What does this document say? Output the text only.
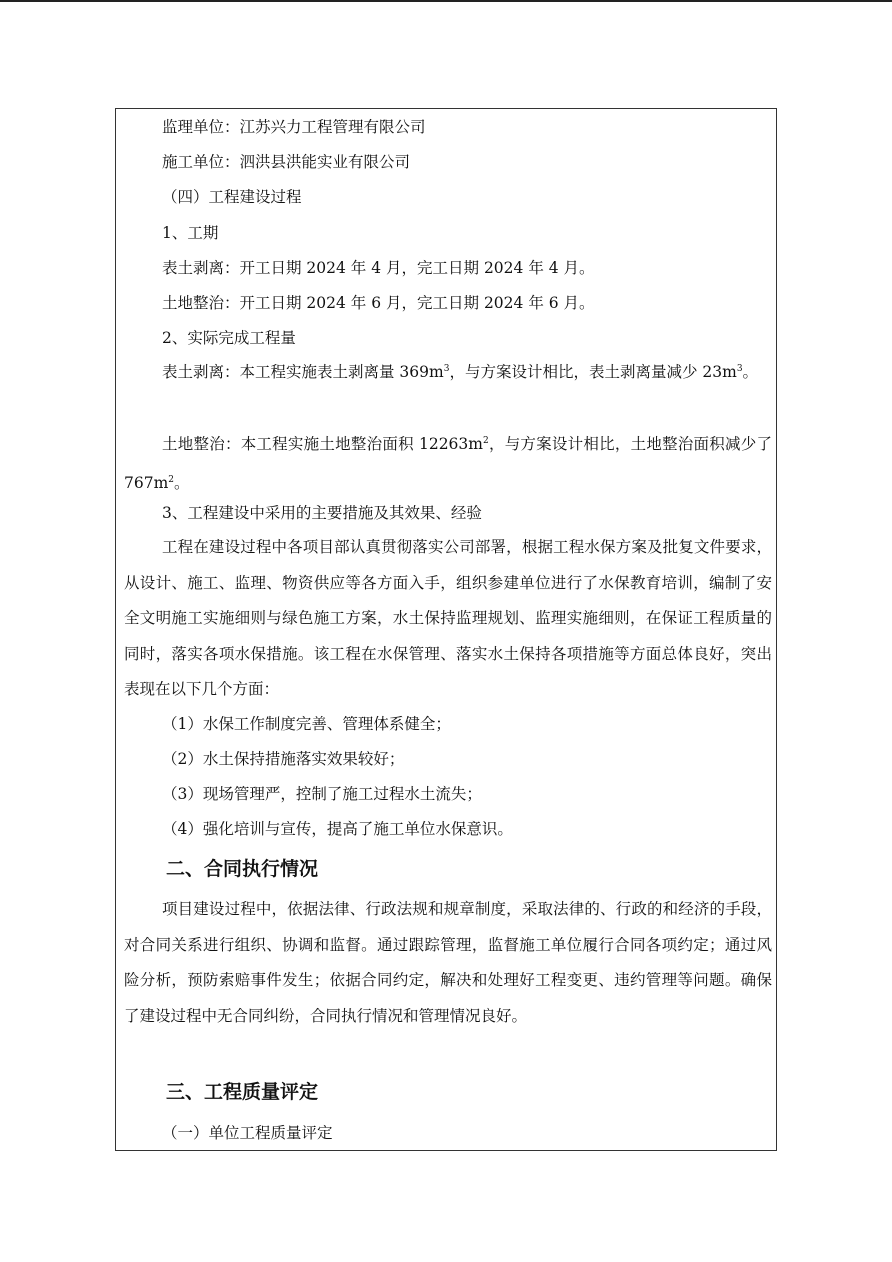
监理单位：江苏兴力工程管理有限公司
施工单位：泗洪县洪能实业有限公司
（四）工程建设过程
1、工期
表土剥离：开工日期 2024 年 4 月，完工日期 2024 年 4 月。
土地整治：开工日期 2024 年 6 月，完工日期 2024 年 6 月。
2、实际完成工程量
表土剥离：本工程实施表土剥离量 $369m^3$，与方案设计相比，表土剥离量减少 $23m^3$。
土地整治：本工程实施土地整治面积 $12263m^2$，与方案设计相比，土地整治面积减少了 $767m^2$。
3、工程建设中采用的主要措施及其效果、经验
工程在建设过程中各项目部认真贯彻落实公司部署，根据工程水保方案及批复文件要求，从设计、施工、监理、物资供应等各方面入手，组织参建单位进行了水保教育培训，编制了安全文明施工实施细则与绿色施工方案，水土保持监理规划、监理实施细则，在保证工程质量的同时，落实各项水保措施。该工程在水保管理、落实水土保持各项措施等方面总体良好，突出表现在以下几个方面：
（1）水保工作制度完善、管理体系健全；
（2）水土保持措施落实效果较好；
（3）现场管理严，控制了施工过程水土流失；
（4）强化培训与宣传，提高了施工单位水保意识。
二、合同执行情况
项目建设过程中，依据法律、行政法规和规章制度，采取法律的、行政的和经济的手段，对合同关系进行组织、协调和监督。通过跟踪管理，监督施工单位履行合同各项约定；通过风险分析，预防索赔事件发生；依据合同约定，解决和处理好工程变更、违约管理等问题。确保了建设过程中无合同纠纷，合同执行情况和管理情况良好。
三、工程质量评定
（一）单位工程质量评定
